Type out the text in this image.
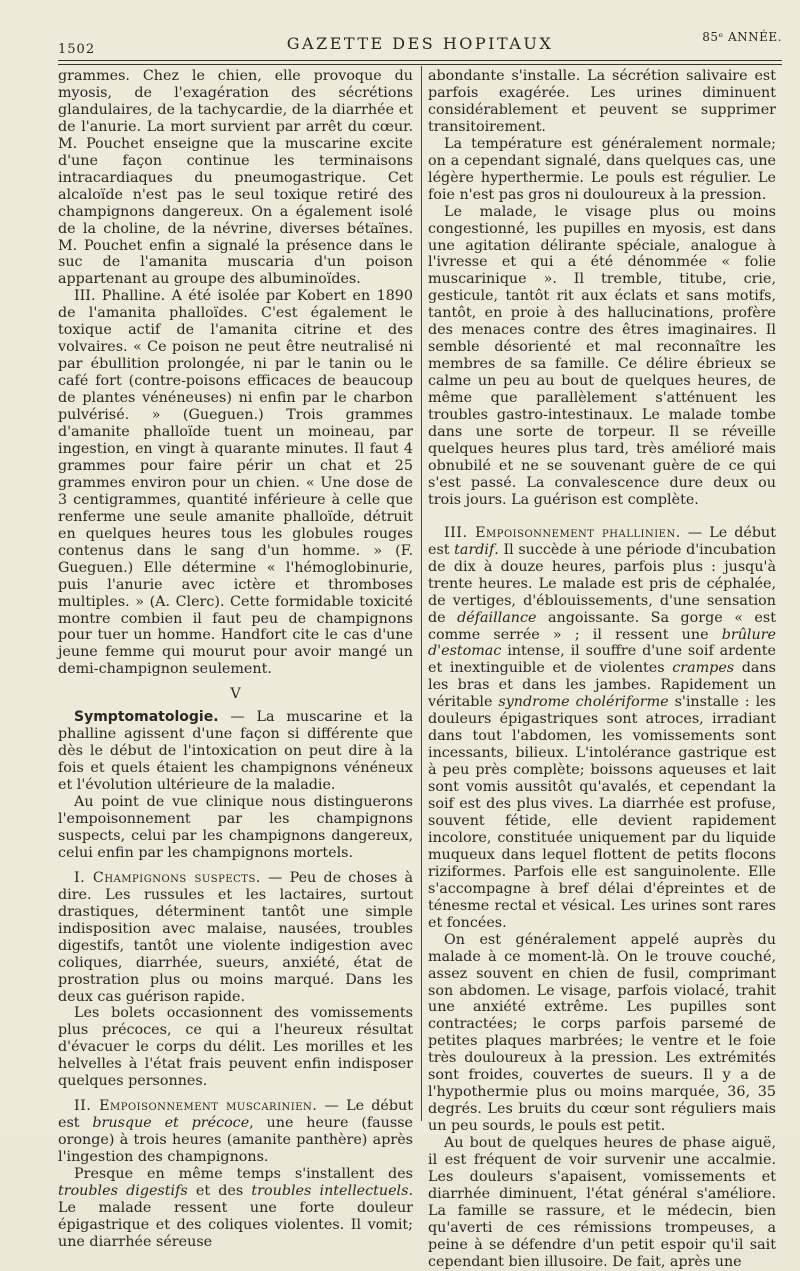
1502	GAZETTE DES HOPITAUX	85ᵉ ANNÉE.

grammes. Chez le chien, elle provoque du myosis, de l'exagération des sécrétions glandulaires, de la tachycardie, de la diarrhée et de l'anurie. La mort survient par arrêt du cœur. M. Pouchet enseigne que la muscarine excite d'une façon continue les terminaisons intracardiaques du pneumogastrique. Cet alcaloïde n'est pas le seul toxique retiré des champignons dangereux. On a également isolé de la choline, de la névrine, diverses bétaïnes. M. Pouchet enfin a signalé la présence dans le suc de l'amanita muscaria d'un poison appartenant au groupe des albuminoïdes.

III. Phalline. A été isolée par Kobert en 1890 de l'amanita phalloïdes. C'est également le toxique actif de l'amanita citrine et des volvaires. « Ce poison ne peut être neutralisé ni par ébullition prolongée, ni par le tanin ou le café fort (contre-poisons efficaces de beaucoup de plantes vénéneuses) ni enfin par le charbon pulvérisé. » (Gueguen.) Trois grammes d'amanite phalloïde tuent un moineau, par ingestion, en vingt à quarante minutes. Il faut 4 grammes pour faire périr un chat et 25 grammes environ pour un chien. « Une dose de 3 centigrammes, quantité inférieure à celle que renferme une seule amanite phalloïde, détruit en quelques heures tous les globules rouges contenus dans le sang d'un homme. » (F. Gueguen.) Elle détermine « l'hémoglobinurie, puis l'anurie avec ictère et thromboses multiples. » (A. Clerc). Cette formidable toxicité montre combien il faut peu de champignons pour tuer un homme. Handfort cite le cas d'une jeune femme qui mourut pour avoir mangé un demi-champignon seulement.

V

Symptomatologie. — La muscarine et la phalline agissent d'une façon si différente que dès le début de l'intoxication on peut dire à la fois et quels étaient les champignons vénéneux et l'évolution ultérieure de la maladie.

Au point de vue clinique nous distinguerons l'empoisonnement par les champignons suspects, celui par les champignons dangereux, celui enfin par les champignons mortels.

I. Champignons suspects. — Peu de choses à dire. Les russules et les lactaires, surtout drastiques, déterminent tantôt une simple indisposition avec malaise, nausées, troubles digestifs, tantôt une violente indigestion avec coliques, diarrhée, sueurs, anxiété, état de prostration plus ou moins marqué. Dans les deux cas guérison rapide.

Les bolets occasionnent des vomissements plus précoces, ce qui a l'heureux résultat d'évacuer le corps du délit. Les morilles et les helvelles à l'état frais peuvent enfin indisposer quelques personnes.

II. Empoisonnement muscarinien. — Le début est brusque et précoce, une heure (fausse oronge) à trois heures (amanite panthère) après l'ingestion des champignons.

Presque en même temps s'installent des troubles digestifs et des troubles intellectuels. Le malade ressent une forte douleur épigastrique et des coliques violentes. Il vomit; une diarrhée séreuse

abondante s'installe. La sécrétion salivaire est parfois exagérée. Les urines diminuent considérablement et peuvent se supprimer transitoirement.

La température est généralement normale; on a cependant signalé, dans quelques cas, une légère hyperthermie. Le pouls est régulier. Le foie n'est pas gros ni douloureux à la pression.

Le malade, le visage plus ou moins congestionné, les pupilles en myosis, est dans une agitation délirante spéciale, analogue à l'ivresse et qui a été dénommée « folie muscarinique ». Il tremble, titube, crie, gesticule, tantôt rit aux éclats et sans motifs, tantôt, en proie à des hallucinations, profère des menaces contre des êtres imaginaires. Il semble désorienté et mal reconnaître les membres de sa famille. Ce délire ébrieux se calme un peu au bout de quelques heures, de même que parallèlement s'atténuent les troubles gastro-intestinaux. Le malade tombe dans une sorte de torpeur. Il se réveille quelques heures plus tard, très amélioré mais obnubilé et ne se souvenant guère de ce qui s'est passé. La convalescence dure deux ou trois jours. La guérison est complète.

III. Empoisonnement phallinien. — Le début est tardif. Il succède à une période d'incubation de dix à douze heures, parfois plus : jusqu'à trente heures. Le malade est pris de céphalée, de vertiges, d'éblouissements, d'une sensation de défaillance angoissante. Sa gorge « est comme serrée » ; il ressent une brûlure d'estomac intense, il souffre d'une soif ardente et inextinguible et de violentes crampes dans les bras et dans les jambes. Rapidement un véritable syndrome cholériforme s'installe : les douleurs épigastriques sont atroces, irradiant dans tout l'abdomen, les vomissements sont incessants, bilieux. L'intolérance gastrique est à peu près complète; boissons aqueuses et lait sont vomis aussitôt qu'avalés, et cependant la soif est des plus vives. La diarrhée est profuse, souvent fétide, elle devient rapidement incolore, constituée uniquement par du liquide muqueux dans lequel flottent de petits flocons riziformes. Parfois elle est sanguinolente. Elle s'accompagne à bref délai d'épreintes et de ténesme rectal et vésical. Les urines sont rares et foncées.

On est généralement appelé auprès du malade à ce moment-là. On le trouve couché, assez souvent en chien de fusil, comprimant son abdomen. Le visage, parfois violacé, trahit une anxiété extrême. Les pupilles sont contractées; le corps parfois parsemé de petites plaques marbrées; le ventre et le foie très douloureux à la pression. Les extrémités sont froides, couvertes de sueurs. Il y a de l'hypothermie plus ou moins marquée, 36, 35 degrés. Les bruits du cœur sont réguliers mais un peu sourds, le pouls est petit.

Au bout de quelques heures de phase aiguë, il est fréquent de voir survenir une accalmie. Les douleurs s'apaisent, vomissements et diarrhée diminuent, l'état général s'améliore. La famille se rassure, et le médecin, bien qu'averti de ces rémissions trompeuses, a peine à se défendre d'un petit espoir qu'il sait cependant bien illusoire. De fait, après une
